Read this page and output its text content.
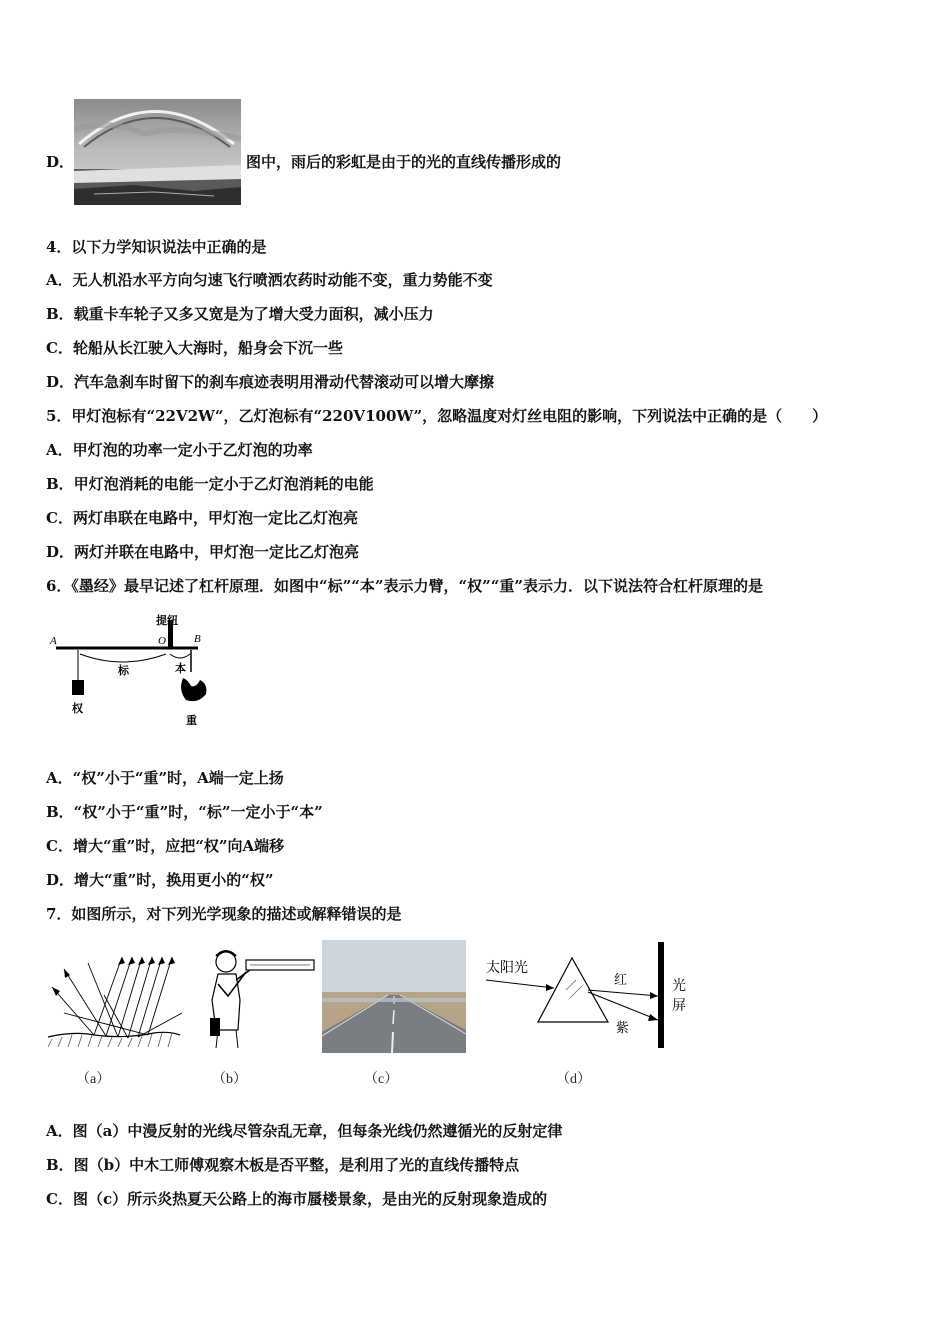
D．	图中，雨后的彩虹是由于的光的直线传播形成的
4．以下力学知识说法中正确的是
A．无人机沿水平方向匀速飞行喷洒农药时动能不变，重力势能不变
B．载重卡车轮子又多又宽是为了增大受力面积，减小压力
C．轮船从长江驶入大海时，船身会下沉一些
D．汽车急刹车时留下的刹车痕迹表明用滑动代替滚动可以增大摩擦
5．甲灯泡标有“22V2W“，乙灯泡标有“220V100W”，忽略温度对灯丝电阻的影响，下列说法中正确的是（　　）
A．甲灯泡的功率一定小于乙灯泡的功率
B．甲灯泡消耗的电能一定小于乙灯泡消耗的电能
C．两灯串联在电路中，甲灯泡一定比乙灯泡亮
D．两灯并联在电路中，甲灯泡一定比乙灯泡亮
6．《墨经》最早记述了杠杆原理．如图中“标”“本”表示力臂，“权”“重”表示力．以下说法符合杠杆原理的是
提纽
A	O	B
标	本
权
重
A．“权”小于“重”时，A端一定上扬
B．“权”小于“重”时，“标”一定小于“本”
C．增大“重”时，应把“权”向A端移
D．增大“重”时，换用更小的“权”
7．如图所示，对下列光学现象的描述或解释错误的是
（a）	（b）	（c）
太阳光
红
紫
光
屏
（d）
A．图（a）中漫反射的光线尽管杂乱无章，但每条光线仍然遵循光的反射定律
B．图（b）中木工师傅观察木板是否平整，是利用了光的直线传播特点
C．图（c）所示炎热夏天公路上的海市蜃楼景象，是由光的反射现象造成的
